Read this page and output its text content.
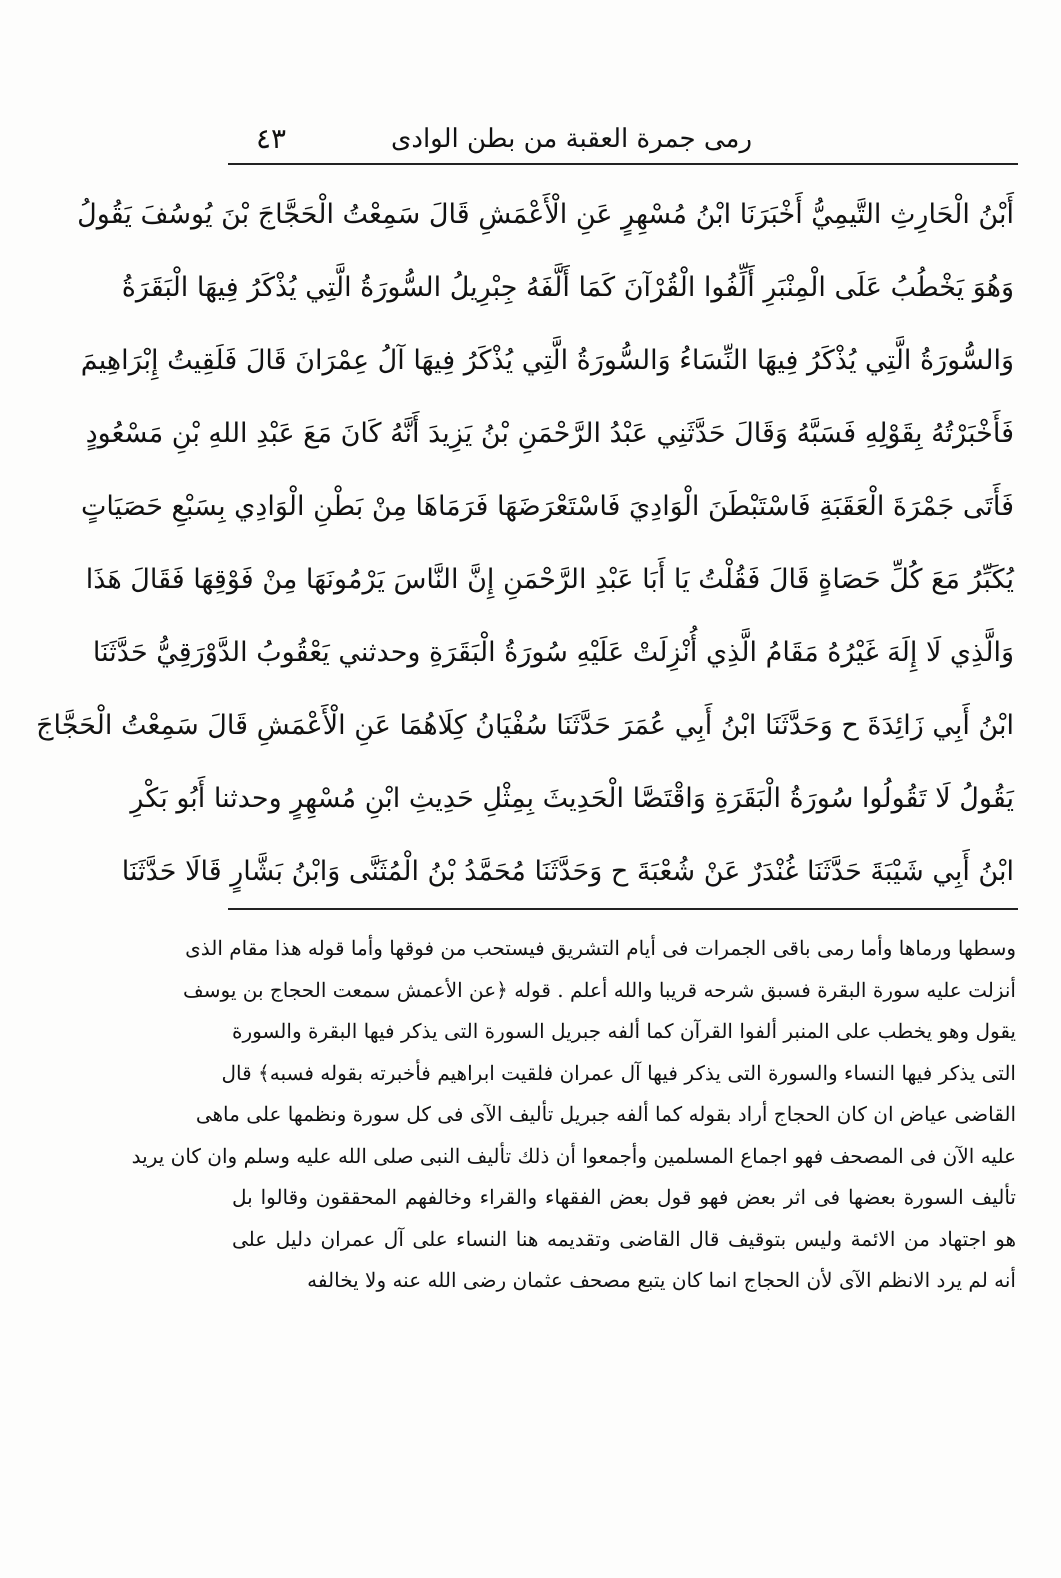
رمى جمرة العقبة من بطن الوادى
٤٣
أَبْنُ الْحَارِثِ التَّيمِيُّ أَخْبَرَنَا ابْنُ مُسْهِرٍ عَنِ الْأَعْمَشِ قَالَ سَمِعْتُ الْحَجَّاجَ بْنَ يُوسُفَ يَقُولُ
وَهُوَ يَخْطُبُ عَلَى الْمِنْبَرِ أَلِّفُوا الْقُرْآنَ كَمَا أَلَّفَهُ جِبْرِيلُ السُّورَةُ الَّتِي يُذْكَرُ فِيهَا الْبَقَرَةُ
وَالسُّورَةُ الَّتِي يُذْكَرُ فِيهَا النِّسَاءُ وَالسُّورَةُ الَّتِي يُذْكَرُ فِيهَا آلُ عِمْرَانَ قَالَ فَلَقِيتُ إِبْرَاهِيمَ
فَأَخْبَرْتُهُ بِقَوْلِهِ فَسَبَّهُ وَقَالَ حَدَّثَنِي عَبْدُ الرَّحْمَنِ بْنُ يَزِيدَ أَنَّهُ كَانَ مَعَ عَبْدِ اللهِ بْنِ مَسْعُودٍ
فَأَتَى جَمْرَةَ الْعَقَبَةِ فَاسْتَبْطَنَ الْوَادِيَ فَاسْتَعْرَضَهَا فَرَمَاهَا مِنْ بَطْنِ الْوَادِي بِسَبْعِ حَصَيَاتٍ
يُكَبِّرُ مَعَ كُلِّ حَصَاةٍ قَالَ فَقُلْتُ يَا أَبَا عَبْدِ الرَّحْمَنِ إِنَّ النَّاسَ يَرْمُونَهَا مِنْ فَوْقِهَا فَقَالَ هَذَا
وَالَّذِي لَا إِلَهَ غَيْرُهُ مَقَامُ الَّذِي أُنْزِلَتْ عَلَيْهِ سُورَةُ الْبَقَرَةِ وحدثني يَعْقُوبُ الدَّوْرَقِيُّ حَدَّثَنَا
ابْنُ أَبِي زَائِدَةَ ح وَحَدَّثَنَا ابْنُ أَبِي عُمَرَ حَدَّثَنَا سُفْيَانُ كِلَاهُمَا عَنِ الْأَعْمَشِ قَالَ سَمِعْتُ الْحَجَّاجَ
يَقُولُ لَا تَقُولُوا سُورَةُ الْبَقَرَةِ وَاقْتَصَّا الْحَدِيثَ بِمِثْلِ حَدِيثِ ابْنِ مُسْهِرٍ وحدثنا أَبُو بَكْرِ
ابْنُ أَبِي شَيْبَةَ حَدَّثَنَا غُنْدَرٌ عَنْ شُعْبَةَ ح وَحَدَّثَنَا مُحَمَّدُ بْنُ الْمُثَنَّى وَابْنُ بَشَّارٍ قَالَا حَدَّثَنَا
وسطها ورماها وأما رمى باقى الجمرات فى أيام التشريق فيستحب من فوقها وأما قوله هذا مقام الذى
أنزلت عليه سورة البقرة فسبق شرحه قريبا والله أعلم . قوله ﴿عن الأعمش سمعت الحجاج بن يوسف
يقول وهو يخطب على المنبر ألفوا القرآن كما ألفه جبريل السورة التى يذكر فيها البقرة والسورة
التى يذكر فيها النساء والسورة التى يذكر فيها آل عمران فلقيت ابراهيم فأخبرته بقوله فسبه﴾ قال
القاضى عياض ان كان الحجاج أراد بقوله كما ألفه جبريل تأليف الآى فى كل سورة ونظمها على ماهى
عليه الآن فى المصحف فهو اجماع المسلمين وأجمعوا أن ذلك تأليف النبى صلى الله عليه وسلم وان كان يريد
تأليف السورة بعضها فى اثر بعض فهو قول بعض الفقهاء والقراء وخالفهم المحققون وقالوا بل
هو اجتهاد من الائمة وليس بتوقيف قال القاضى وتقديمه هنا النساء على آل عمران دليل على
أنه لم يرد الانظم الآى لأن الحجاج انما كان يتبع مصحف عثمان رضى الله عنه ولا يخالفه
